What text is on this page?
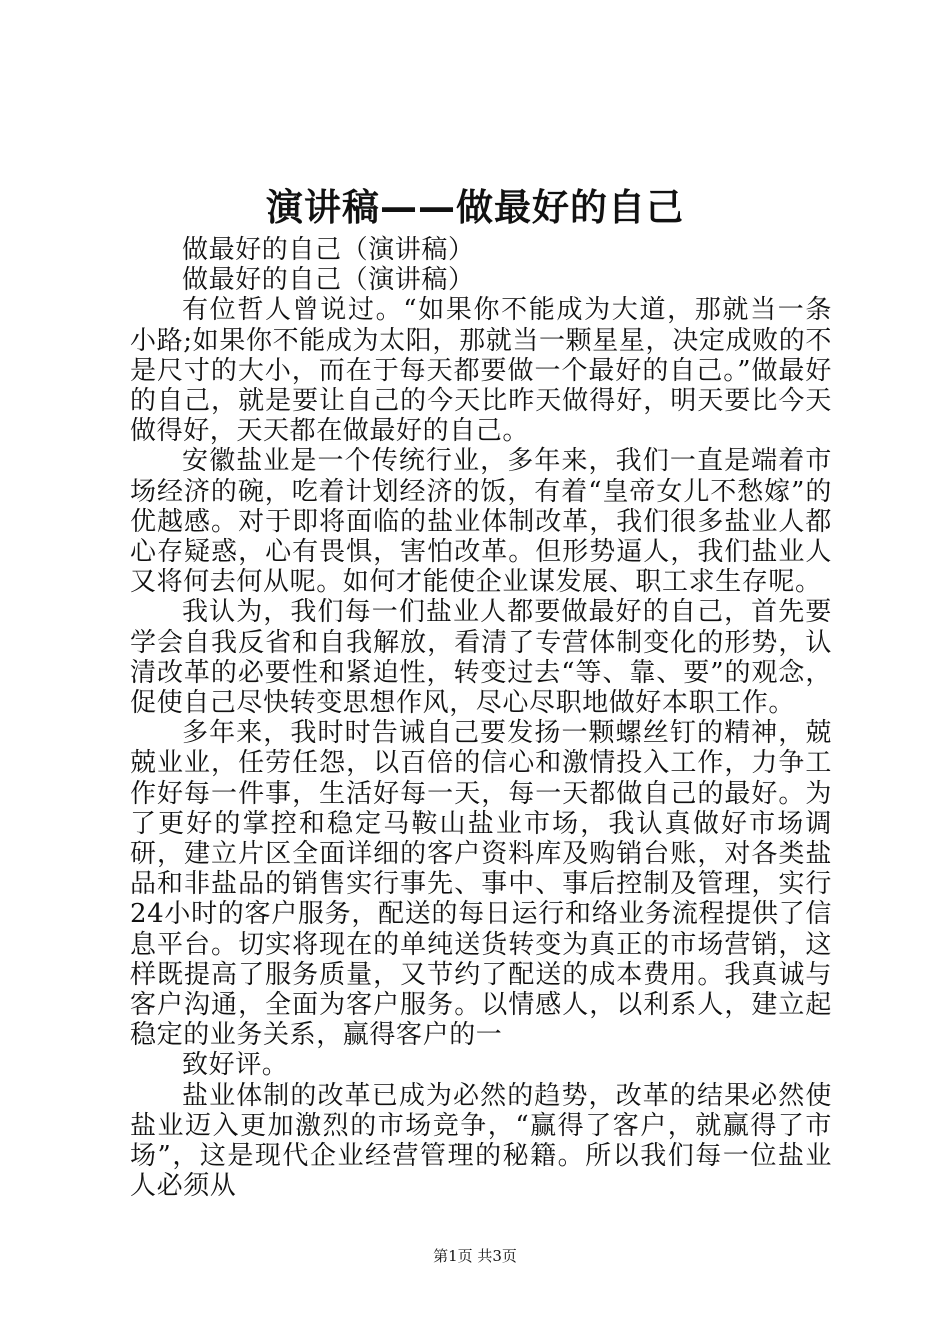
演讲稿——做最好的自己

做最好的自己（演讲稿）

做最好的自己（演讲稿）

有位哲人曾说过。“如果你不能成为大道，那就当一条小路;如果你不能成为太阳，那就当一颗星星，决定成败的不是尺寸的大小，而在于每天都要做一个最好的自己。”做最好的自己，就是要让自己的今天比昨天做得好，明天要比今天做得好，天天都在做最好的自己。

安徽盐业是一个传统行业，多年来，我们一直是端着市场经济的碗，吃着计划经济的饭，有着“皇帝女儿不愁嫁”的优越感。对于即将面临的盐业体制改革，我们很多盐业人都心存疑惑，心有畏惧，害怕改革。但形势逼人，我们盐业人又将何去何从呢。如何才能使企业谋发展、职工求生存呢。

我认为，我们每一们盐业人都要做最好的自己，首先要学会自我反省和自我解放，看清了专营体制变化的形势，认清改革的必要性和紧迫性，转变过去“等、靠、要”的观念，促使自己尽快转变思想作风，尽心尽职地做好本职工作。

多年来，我时时告诫自己要发扬一颗螺丝钉的精神，兢兢业业，任劳任怨，以百倍的信心和激情投入工作，力争工作好每一件事，生活好每一天，每一天都做自己的最好。为了更好的掌控和稳定马鞍山盐业市场，我认真做好市场调研，建立片区全面详细的客户资料库及购销台账，对各类盐品和非盐品的销售实行事先、事中、事后控制及管理，实行24小时的客户服务，配送的每日运行和络业务流程提供了信息平台。切实将现在的单纯送货转变为真正的市场营销，这样既提高了服务质量，又节约了配送的成本费用。我真诚与客户沟通，全面为客户服务。以情感人，以利系人，建立起稳定的业务关系，赢得客户的一

致好评。

盐业体制的改革已成为必然的趋势，改革的结果必然使盐业迈入更加激烈的市场竞争，“赢得了客户，就赢得了市场”，这是现代企业经营管理的秘籍。所以我们每一位盐业人必须从

第1页 共3页
